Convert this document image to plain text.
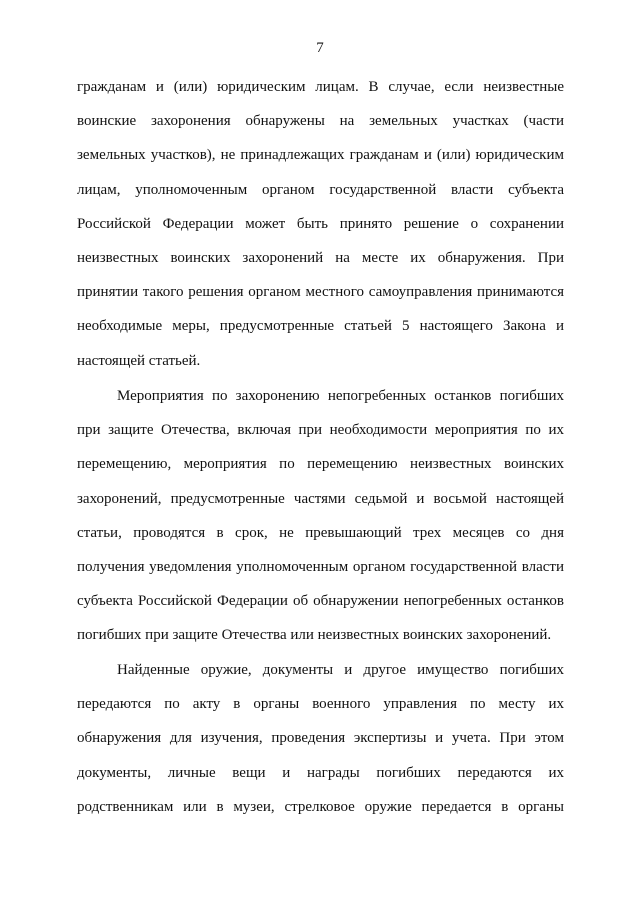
7
гражданам и (или) юридическим лицам. В случае, если неизвестные
воинские захоронения обнаружены на земельных участках (части
земельных участков), не принадлежащих гражданам и (или) юридическим
лицам, уполномоченным органом государственной власти субъекта
Российской Федерации может быть принято решение о сохранении
неизвестных воинских захоронений на месте их обнаружения. При
принятии такого решения органом местного самоуправления принимаются
необходимые меры, предусмотренные статьей 5 настоящего Закона и
настоящей статьей.
Мероприятия по захоронению непогребенных останков погибших
при защите Отечества, включая при необходимости мероприятия по их
перемещению, мероприятия по перемещению неизвестных воинских
захоронений, предусмотренные частями седьмой и восьмой настоящей
статьи, проводятся в срок, не превышающий трех месяцев со дня
получения уведомления уполномоченным органом государственной власти
субъекта Российской Федерации об обнаружении непогребенных останков
погибших при защите Отечества или неизвестных воинских захоронений.
Найденные оружие, документы и другое имущество погибших
передаются по акту в органы военного управления по месту их
обнаружения для изучения, проведения экспертизы и учета. При этом
документы, личные вещи и награды погибших передаются их
родственникам или в музеи, стрелковое оружие передается в органы
